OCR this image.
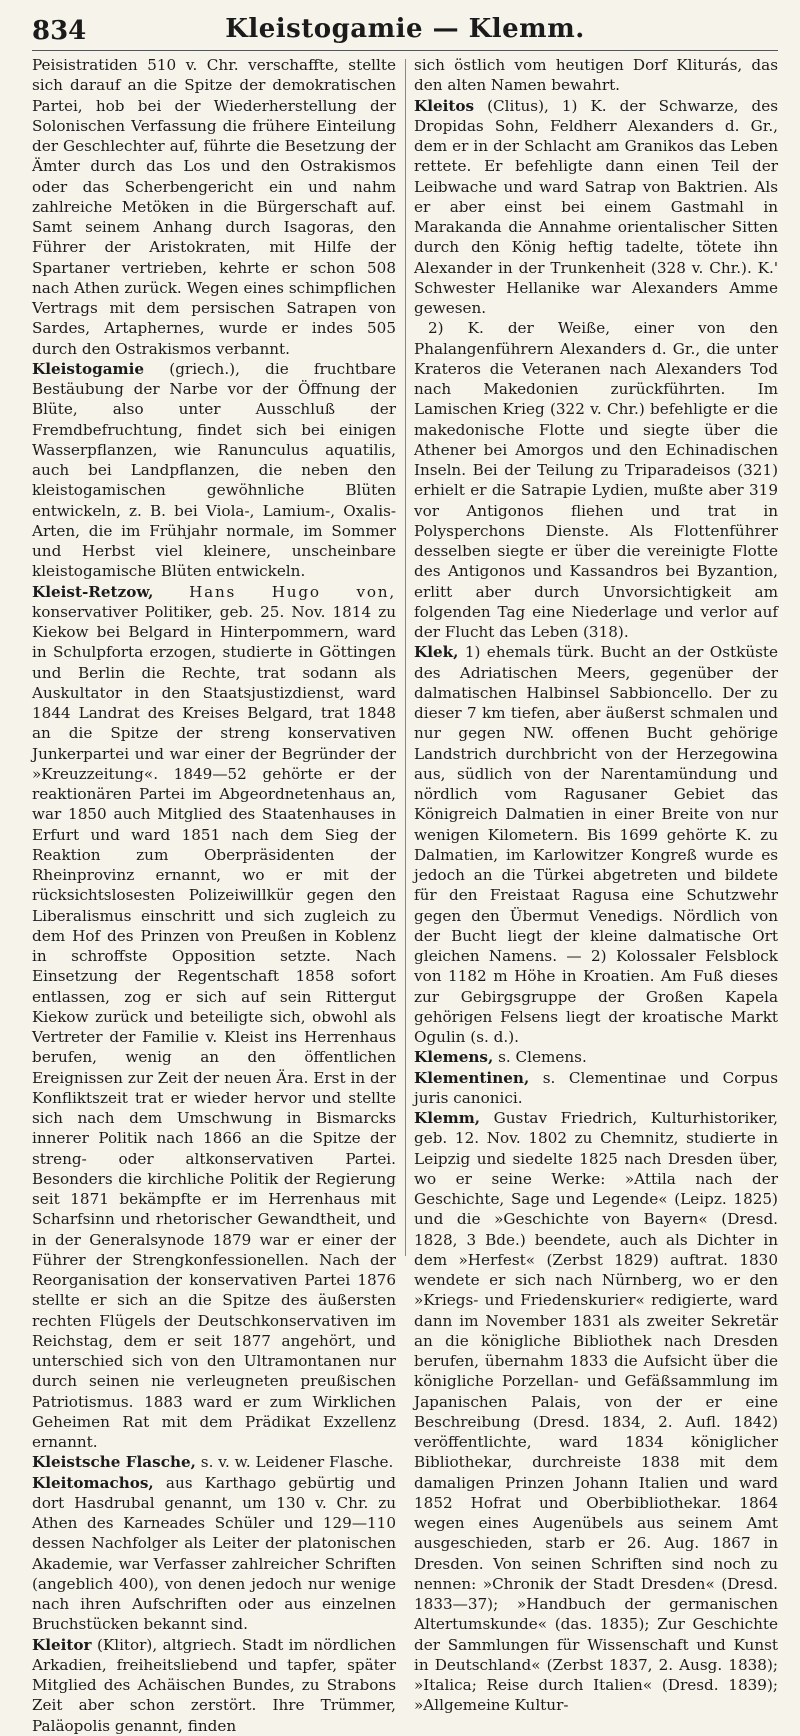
834	Kleistogamie — Klemm.

Peisistratiden 510 v. Chr. verschaffte, stellte sich darauf an die Spitze der demokratischen Partei, hob bei der Wiederherstellung der Solonischen Verfassung die frühere Einteilung der Geschlechter auf, führte die Besetzung der Ämter durch das Los und den Ostrakismos oder das Scherbengericht ein und nahm zahlreiche Metöken in die Bürgerschaft auf. Samt seinem Anhang durch Isagoras, den Führer der Aristokraten, mit Hilfe der Spartaner vertrieben, kehrte er schon 508 nach Athen zurück. Wegen eines schimpflichen Vertrags mit dem persischen Satrapen von Sardes, Artaphernes, wurde er indes 505 durch den Ostrakismos verbannt.

Kleistogamie (griech.), die fruchtbare Bestäubung der Narbe vor der Öffnung der Blüte, also unter Ausschluß der Fremdbefruchtung, findet sich bei einigen Wasserpflanzen, wie Ranunculus aquatilis, auch bei Landpflanzen, die neben den kleistogamischen gewöhnliche Blüten entwickeln, z. B. bei Viola-, Lamium-, Oxalis-Arten, die im Frühjahr normale, im Sommer und Herbst viel kleinere, unscheinbare kleistogamische Blüten entwickeln.

Kleist-Retzow, Hans Hugo von, konservativer Politiker, geb. 25. Nov. 1814 zu Kiekow bei Belgard in Hinterpommern, ward in Schulpforta erzogen, studierte in Göttingen und Berlin die Rechte, trat sodann als Auskultator in den Staatsjustizdienst, ward 1844 Landrat des Kreises Belgard, trat 1848 an die Spitze der streng konservativen Junkerpartei und war einer der Begründer der »Kreuzzeitung«. 1849—52 gehörte er der reaktionären Partei im Abgeordnetenhaus an, war 1850 auch Mitglied des Staatenhauses in Erfurt und ward 1851 nach dem Sieg der Reaktion zum Oberpräsidenten der Rheinprovinz ernannt, wo er mit der rücksichtslosesten Polizeiwillkür gegen den Liberalismus einschritt und sich zugleich zu dem Hof des Prinzen von Preußen in Koblenz in schroffste Opposition setzte. Nach Einsetzung der Regentschaft 1858 sofort entlassen, zog er sich auf sein Rittergut Kiekow zurück und beteiligte sich, obwohl als Vertreter der Familie v. Kleist ins Herrenhaus berufen, wenig an den öffentlichen Ereignissen zur Zeit der neuen Ära. Erst in der Konfliktszeit trat er wieder hervor und stellte sich nach dem Umschwung in Bismarcks innerer Politik nach 1866 an die Spitze der streng- oder altkonservativen Partei. Besonders die kirchliche Politik der Regierung seit 1871 bekämpfte er im Herrenhaus mit Scharfsinn und rhetorischer Gewandtheit, und in der Generalsynode 1879 war er einer der Führer der Strengkonfessionellen. Nach der Reorganisation der konservativen Partei 1876 stellte er sich an die Spitze des äußersten rechten Flügels der Deutschkonservativen im Reichstag, dem er seit 1877 angehört, und unterschied sich von den Ultramontanen nur durch seinen nie verleugneten preußischen Patriotismus. 1883 ward er zum Wirklichen Geheimen Rat mit dem Prädikat Exzellenz ernannt.

Kleistsche Flasche, s. v. w. Leidener Flasche.

Kleitomachos, aus Karthago gebürtig und dort Hasdrubal genannt, um 130 v. Chr. zu Athen des Karneades Schüler und 129—110 dessen Nachfolger als Leiter der platonischen Akademie, war Verfasser zahlreicher Schriften (angeblich 400), von denen jedoch nur wenige nach ihren Aufschriften oder aus einzelnen Bruchstücken bekannt sind.

Kleitor (Klitor), altgriech. Stadt im nördlichen Arkadien, freiheitsliebend und tapfer, später Mitglied des Achäischen Bundes, zu Strabons Zeit aber schon zerstört. Ihre Trümmer, Paläopolis genannt, finden

sich östlich vom heutigen Dorf Kliturás, das den alten Namen bewahrt.

Kleitos (Clitus), 1) K. der Schwarze, des Dropidas Sohn, Feldherr Alexanders d. Gr., dem er in der Schlacht am Granikos das Leben rettete. Er befehligte dann einen Teil der Leibwache und ward Satrap von Baktrien. Als er aber einst bei einem Gastmahl in Marakanda die Annahme orientalischer Sitten durch den König heftig tadelte, tötete ihn Alexander in der Trunkenheit (328 v. Chr.). K.' Schwester Hellanike war Alexanders Amme gewesen.

2) K. der Weiße, einer von den Phalangenführern Alexanders d. Gr., die unter Krateros die Veteranen nach Alexanders Tod nach Makedonien zurückführten. Im Lamischen Krieg (322 v. Chr.) befehligte er die makedonische Flotte und siegte über die Athener bei Amorgos und den Echinadischen Inseln. Bei der Teilung zu Triparadeisos (321) erhielt er die Satrapie Lydien, mußte aber 319 vor Antigonos fliehen und trat in Polysperchons Dienste. Als Flottenführer desselben siegte er über die vereinigte Flotte des Antigonos und Kassandros bei Byzantion, erlitt aber durch Unvorsichtigkeit am folgenden Tag eine Niederlage und verlor auf der Flucht das Leben (318).

Klek, 1) ehemals türk. Bucht an der Ostküste des Adriatischen Meers, gegenüber der dalmatischen Halbinsel Sabbioncello. Der zu dieser 7 km tiefen, aber äußerst schmalen und nur gegen NW. offenen Bucht gehörige Landstrich durchbricht von der Herzegowina aus, südlich von der Narentamündung und nördlich vom Ragusaner Gebiet das Königreich Dalmatien in einer Breite von nur wenigen Kilometern. Bis 1699 gehörte K. zu Dalmatien, im Karlowitzer Kongreß wurde es jedoch an die Türkei abgetreten und bildete für den Freistaat Ragusa eine Schutzwehr gegen den Übermut Venedigs. Nördlich von der Bucht liegt der kleine dalmatische Ort gleichen Namens. — 2) Kolossaler Felsblock von 1182 m Höhe in Kroatien. Am Fuß dieses zur Gebirgsgruppe der Großen Kapela gehörigen Felsens liegt der kroatische Markt Ogulin (s. d.).

Klemens, s. Clemens.

Klementinen, s. Clementinae und Corpus juris canonici.

Klemm, Gustav Friedrich, Kulturhistoriker, geb. 12. Nov. 1802 zu Chemnitz, studierte in Leipzig und siedelte 1825 nach Dresden über, wo er seine Werke: »Attila nach der Geschichte, Sage und Legende« (Leipz. 1825) und die »Geschichte von Bayern« (Dresd. 1828, 3 Bde.) beendete, auch als Dichter in dem »Herfest« (Zerbst 1829) auftrat. 1830 wendete er sich nach Nürnberg, wo er den »Kriegs- und Friedenskurier« redigierte, ward dann im November 1831 als zweiter Sekretär an die königliche Bibliothek nach Dresden berufen, übernahm 1833 die Aufsicht über die königliche Porzellan- und Gefäßsammlung im Japanischen Palais, von der er eine Beschreibung (Dresd. 1834, 2. Aufl. 1842) veröffentlichte, ward 1834 königlicher Bibliothekar, durchreiste 1838 mit dem damaligen Prinzen Johann Italien und ward 1852 Hofrat und Oberbibliothekar. 1864 wegen eines Augenübels aus seinem Amt ausgeschieden, starb er 26. Aug. 1867 in Dresden. Von seinen Schriften sind noch zu nennen: »Chronik der Stadt Dresden« (Dresd. 1833—37); »Handbuch der germanischen Altertumskunde« (das. 1835); Zur Geschichte der Sammlungen für Wissenschaft und Kunst in Deutschland« (Zerbst 1837, 2. Ausg. 1838); »Italica; Reise durch Italien« (Dresd. 1839); »Allgemeine Kultur-
